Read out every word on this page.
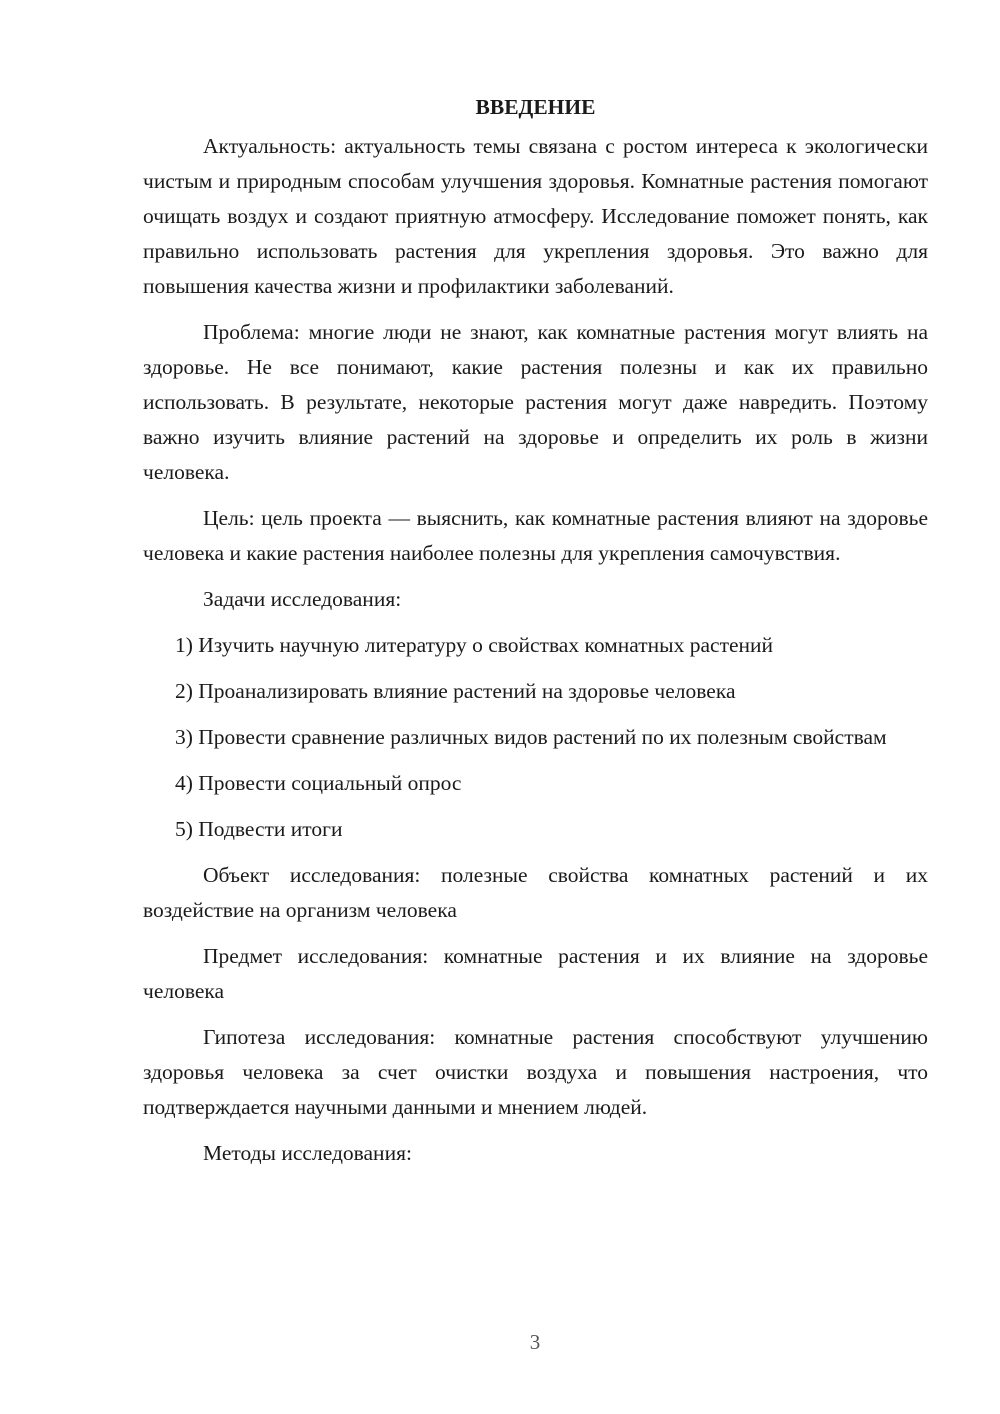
ВВЕДЕНИЕ

Актуальность: актуальность темы связана с ростом интереса к экологически чистым и природным способам улучшения здоровья. Комнатные растения помогают очищать воздух и создают приятную атмосферу. Исследование поможет понять, как правильно использовать растения для укрепления здоровья. Это важно для повышения качества жизни и профилактики заболеваний.

Проблема: многие люди не знают, как комнатные растения могут влиять на здоровье. Не все понимают, какие растения полезны и как их правильно использовать. В результате, некоторые растения могут даже навредить. Поэтому важно изучить влияние растений на здоровье и определить их роль в жизни человека.

Цель: цель проекта — выяснить, как комнатные растения влияют на здоровье человека и какие растения наиболее полезны для укрепления самочувствия.

Задачи исследования:

1) Изучить научную литературу о свойствах комнатных растений

2) Проанализировать влияние растений на здоровье человека

3) Провести сравнение различных видов растений по их полезным свойствам

4) Провести социальный опрос

5) Подвести итоги

Объект исследования: полезные свойства комнатных растений и их воздействие на организм человека

Предмет исследования: комнатные растения и их влияние на здоровье человека

Гипотеза исследования: комнатные растения способствуют улучшению здоровья человека за счет очистки воздуха и повышения настроения, что подтверждается научными данными и мнением людей.

Методы исследования:

3
